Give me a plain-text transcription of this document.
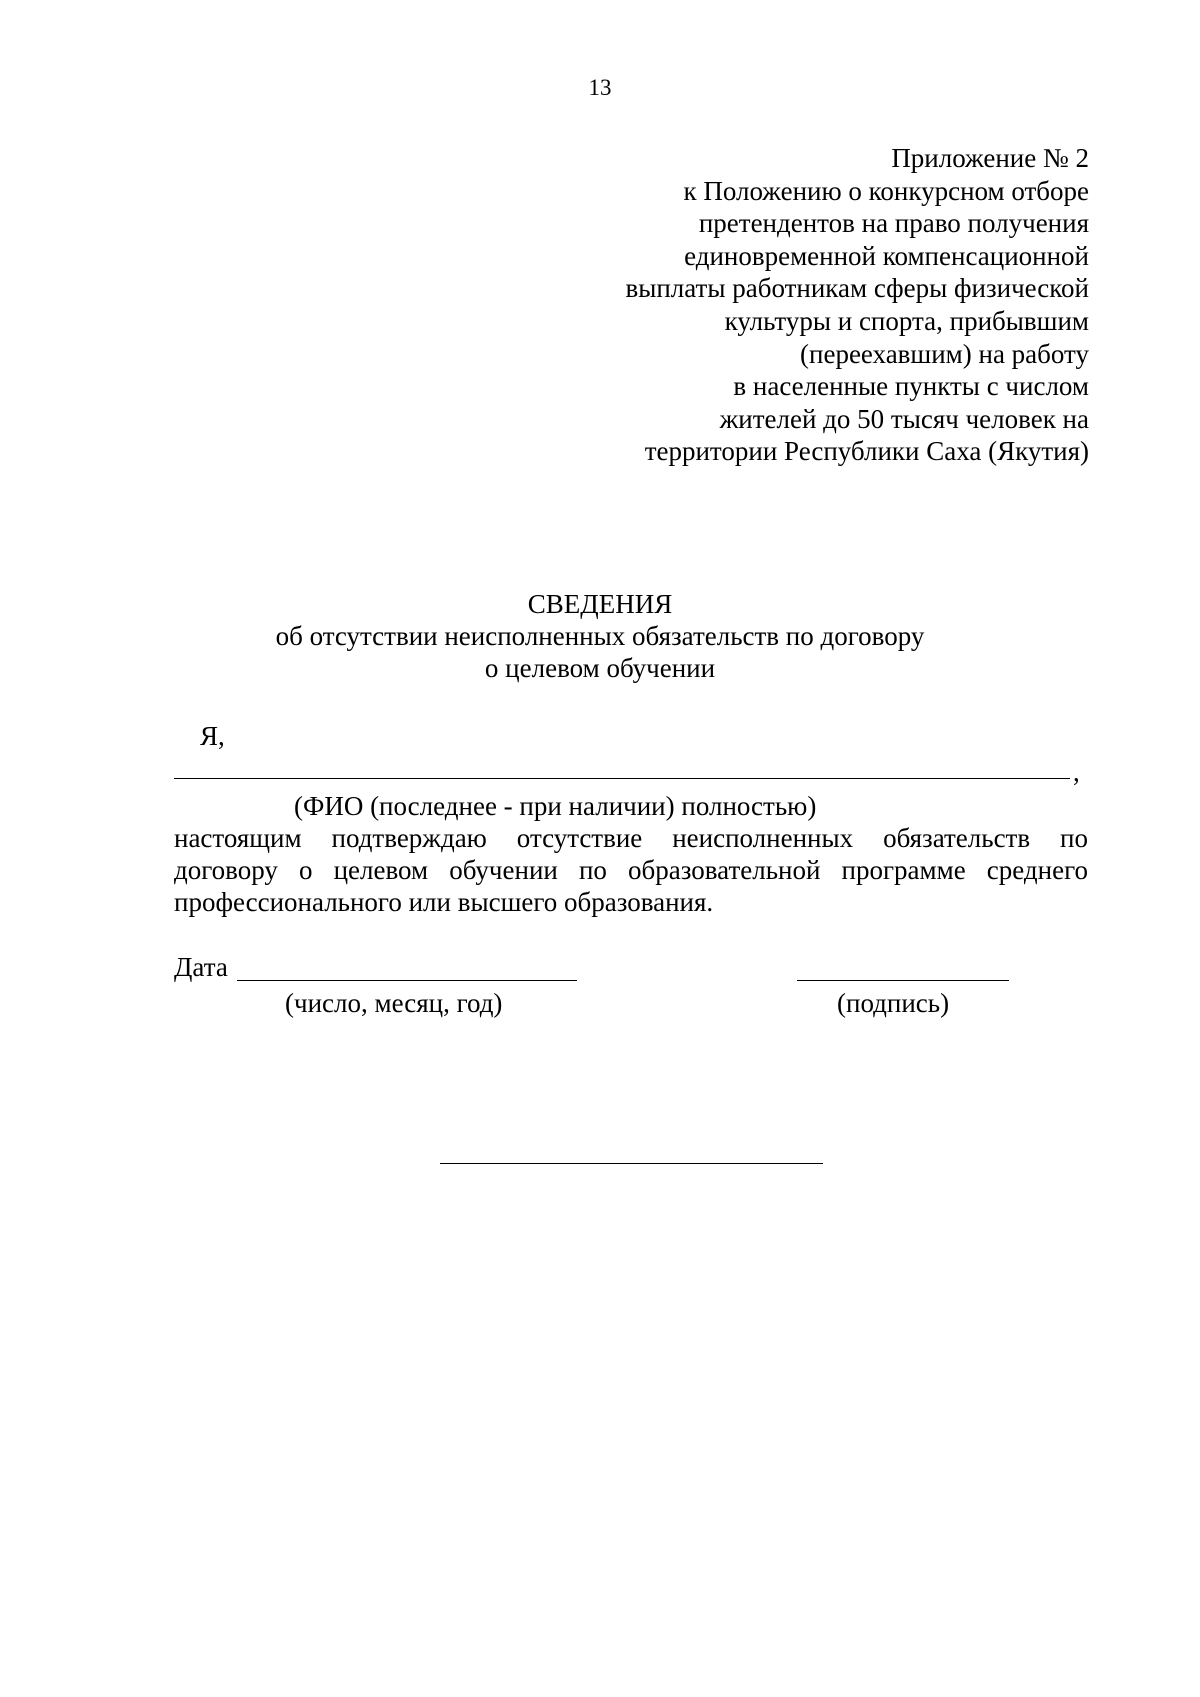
13
Приложение № 2
к Положению о конкурсном отборе
претендентов на право получения
единовременной компенсационной
выплаты работникам сферы физической
культуры и спорта, прибывшим
(переехавшим) на работу
в населенные пункты с числом
жителей до 50 тысяч человек на
территории Республики Саха (Якутия)
СВЕДЕНИЯ
об отсутствии неисполненных обязательств по договору
о целевом обучении
Я,
,
(ФИО (последнее - при наличии) полностью)
настоящим подтверждаю отсутствие неисполненных обязательств по
договору о целевом обучении по образовательной программе среднего
профессионального или высшего образования.
Дата
(число, месяц, год)	(подпись)
